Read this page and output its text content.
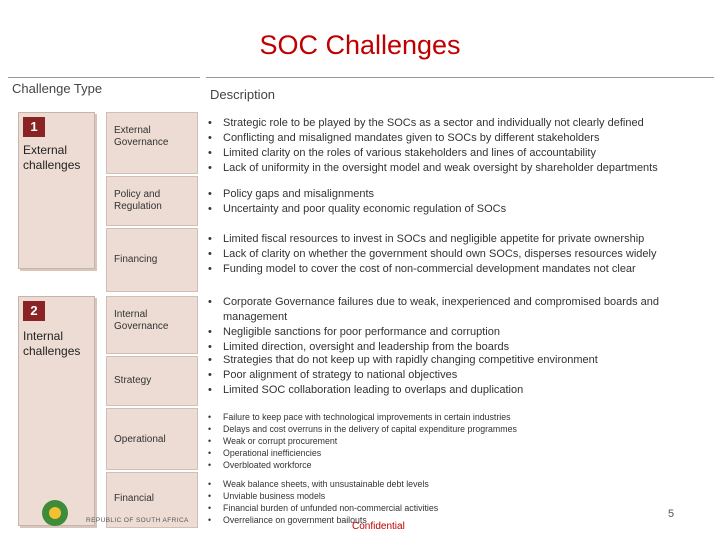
SOC Challenges
Challenge Type	Description
1
External
challenges
2
Internal
challenges
External
Governance
Policy and
Regulation
Financing
Internal
Governance
Strategy
Operational
Financial
• Strategic role to be played by the SOCs as a sector and individually not clearly defined
• Conflicting and misaligned mandates given to SOCs by different stakeholders
• Limited clarity on the roles of various stakeholders and lines of accountability
• Lack of uniformity in the oversight model and weak oversight by shareholder departments
• Policy gaps and misalignments
• Uncertainty and poor quality economic regulation of SOCs
• Limited fiscal resources to invest in SOCs and negligible appetite for private ownership
• Lack of clarity on whether the government should own SOCs, disperses resources widely
• Funding model to cover the cost of non-commercial development mandates not clear
• Corporate Governance failures due to weak, inexperienced and compromised boards and management
• Negligible sanctions for poor performance and corruption
• Limited direction, oversight and leadership from the boards
• Strategies that do not keep up with rapidly changing competitive environment
• Poor alignment of strategy to national objectives
• Limited SOC collaboration leading to overlaps and duplication
• Failure to keep pace with technological improvements in certain industries
• Delays and cost overruns in the delivery of capital expenditure programmes
• Weak or corrupt procurement
• Operational inefficiencies
• Overbloated workforce
• Weak balance sheets, with unsustainable debt levels
• Unviable business models
• Financial burden of unfunded non-commercial activities
• Overreliance on government bailouts
REPUBLIC OF SOUTH AFRICA
Confidential
5
